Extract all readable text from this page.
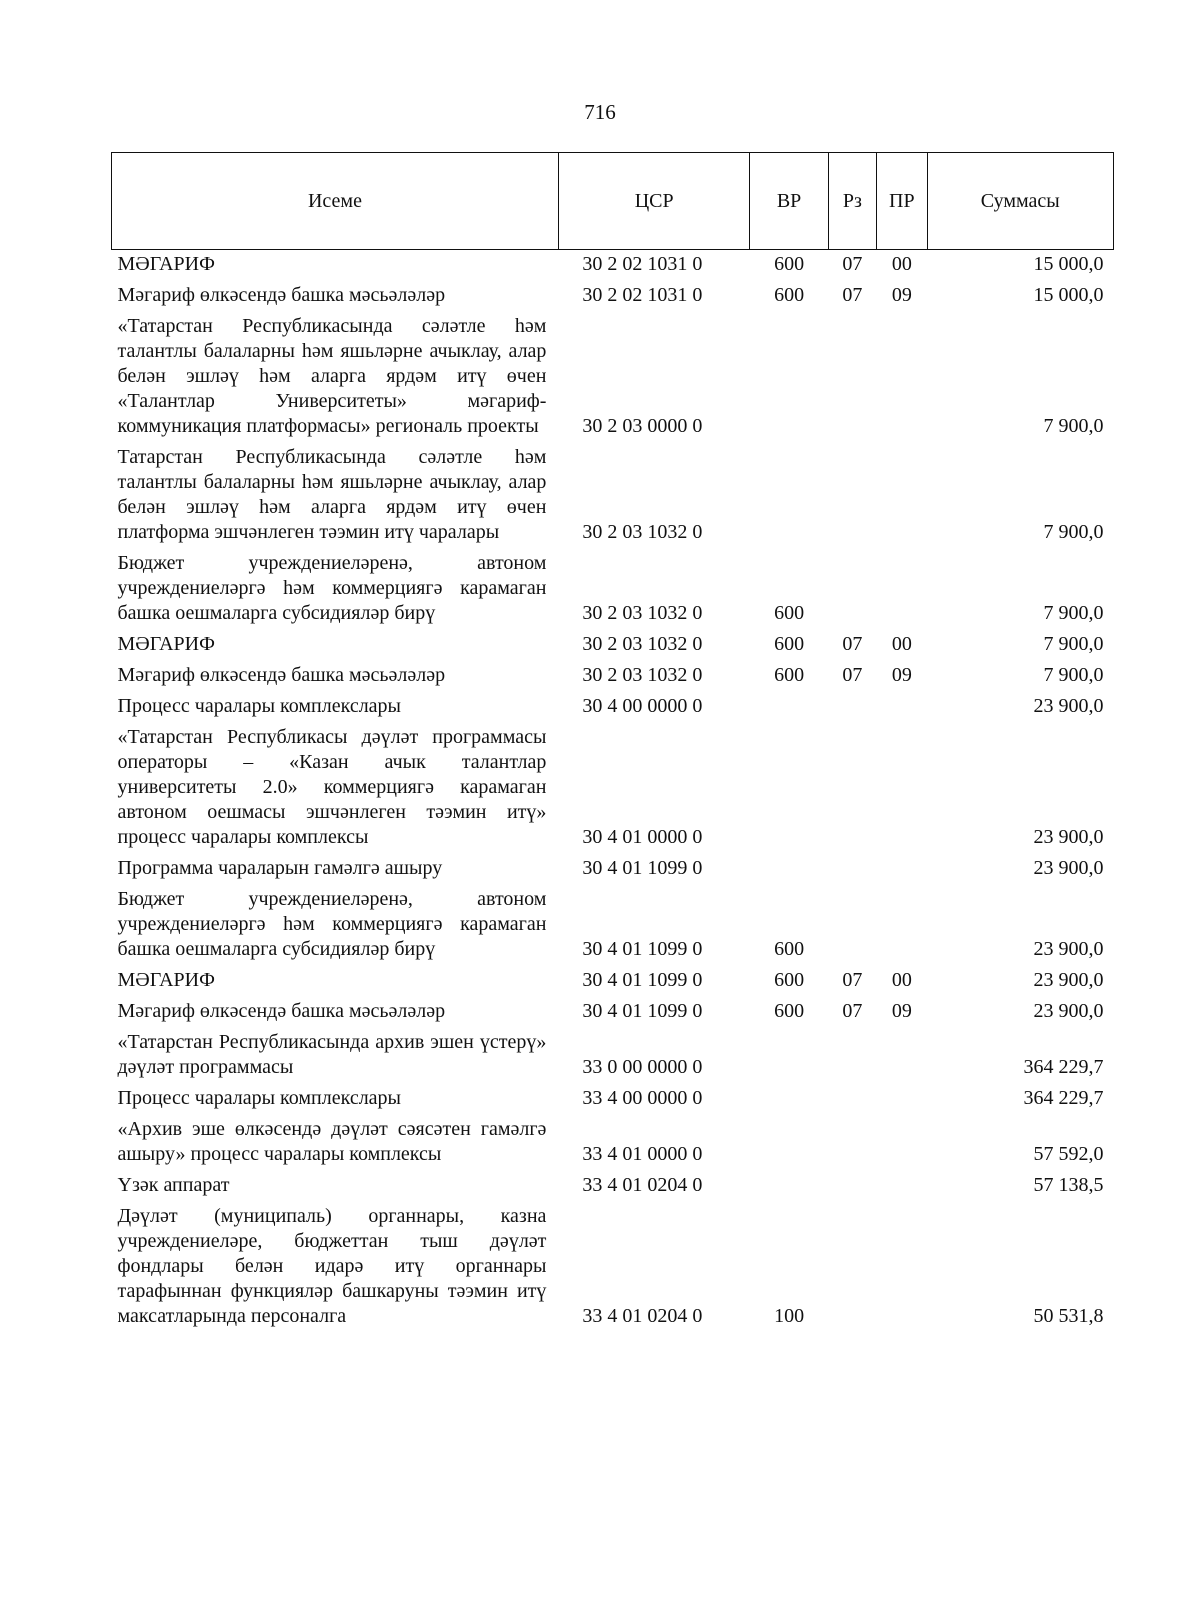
716
Исеме	ЦСР	ВР	Рз	ПР	Суммасы
МӘГАРИФ	30 2 02 1031 0	600	07	00	15 000,0
Мәгариф өлкәсендә башка мәсьәләләр	30 2 02 1031 0	600	07	09	15 000,0
«Татарстан Республикасында сәләтле һәм талантлы балаларны һәм яшьләрне ачыклау, алар белән эшләү һәм аларга ярдәм итү өчен «Талантлар Университеты» мәгариф-коммуникация платформасы» региональ проекты	30 2 03 0000 0				7 900,0
Татарстан Республикасында сәләтле һәм талантлы балаларны һәм яшьләрне ачыклау, алар белән эшләү һәм аларга ярдәм итү өчен платформа эшчәнлеген тәэмин итү чаралары	30 2 03 1032 0				7 900,0
Бюджет учреждениеләренә, автоном учреждениеләргә һәм коммерциягә карамаган башка оешмаларга субсидияләр бирү	30 2 03 1032 0	600			7 900,0
МӘГАРИФ	30 2 03 1032 0	600	07	00	7 900,0
Мәгариф өлкәсендә башка мәсьәләләр	30 2 03 1032 0	600	07	09	7 900,0
Процесс чаралары комплекслары	30 4 00 0000 0				23 900,0
«Татарстан Республикасы дәүләт программасы операторы – «Казан ачык талантлар университеты 2.0» коммерциягә карамаган автоном оешмасы эшчәнлеген тәэмин итү» процесс чаралары комплексы	30 4 01 0000 0				23 900,0
Программа чараларын гамәлгә ашыру	30 4 01 1099 0				23 900,0
Бюджет учреждениеләренә, автоном учреждениеләргә һәм коммерциягә карамаган башка оешмаларга субсидияләр бирү	30 4 01 1099 0	600			23 900,0
МӘГАРИФ	30 4 01 1099 0	600	07	00	23 900,0
Мәгариф өлкәсендә башка мәсьәләләр	30 4 01 1099 0	600	07	09	23 900,0
«Татарстан Республикасында архив эшен үстерү» дәүләт программасы	33 0 00 0000 0				364 229,7
Процесс чаралары комплекслары	33 4 00 0000 0				364 229,7
«Архив эше өлкәсендә дәүләт сәясәтен гамәлгә ашыру» процесс чаралары комплексы	33 4 01 0000 0				57 592,0
Үзәк аппарат	33 4 01 0204 0				57 138,5
Дәүләт (муниципаль) органнары, казна учреждениеләре, бюджеттан тыш дәүләт фондлары белән идарә итү органнары тарафыннан функцияләр башкаруны тәэмин итү максатларында персоналга	33 4 01 0204 0	100			50 531,8
